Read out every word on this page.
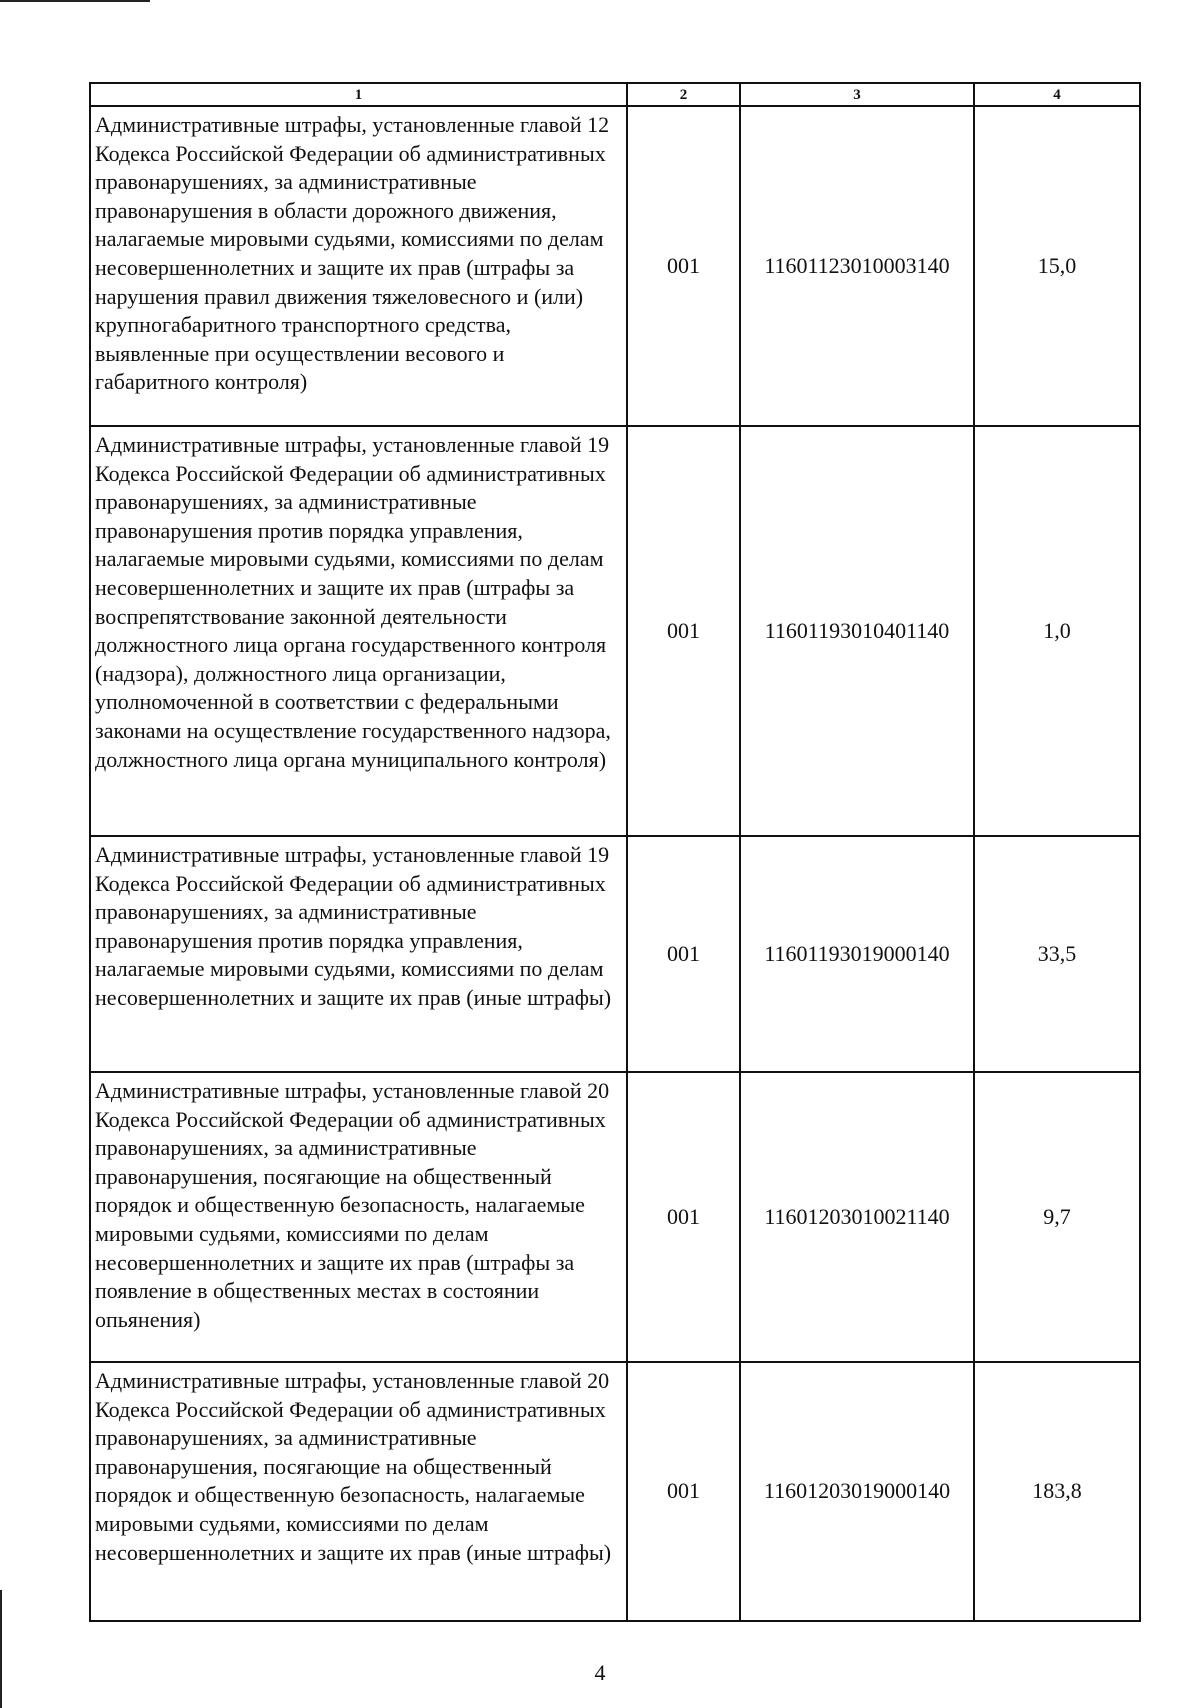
1	2	3	4
Административные штрафы, установленные главой 12 Кодекса Российской Федерации об административных правонарушениях, за административные правонарушения в области дорожного движения, налагаемые мировыми судьями, комиссиями по делам несовершеннолетних и защите их прав (штрафы за нарушения правил движения тяжеловесного и (или) крупногабаритного транспортного средства, выявленные при осуществлении весового и габаритного контроля)	001	11601123010003140	15,0
Административные штрафы, установленные главой 19 Кодекса Российской Федерации об административных правонарушениях, за административные правонарушения против порядка управления, налагаемые мировыми судьями, комиссиями по делам несовершеннолетних и защите их прав (штрафы за воспрепятствование законной деятельности должностного лица органа государственного контроля (надзора), должностного лица организации, уполномоченной в соответствии с федеральными законами на осуществление государственного надзора, должностного лица органа муниципального контроля)	001	11601193010401140	1,0
Административные штрафы, установленные главой 19 Кодекса Российской Федерации об административных правонарушениях, за административные правонарушения против порядка управления, налагаемые мировыми судьями, комиссиями по делам несовершеннолетних и защите их прав (иные штрафы)	001	11601193019000140	33,5
Административные штрафы, установленные главой 20 Кодекса Российской Федерации об административных правонарушениях, за административные правонарушения, посягающие на общественный порядок и общественную безопасность, налагаемые мировыми судьями, комиссиями по делам несовершеннолетних и защите их прав (штрафы за появление в общественных местах в состоянии опьянения)	001	11601203010021140	9,7
Административные штрафы, установленные главой 20 Кодекса Российской Федерации об административных правонарушениях, за административные правонарушения, посягающие на общественный порядок и общественную безопасность, налагаемые мировыми судьями, комиссиями по делам несовершеннолетних и защите их прав (иные штрафы)	001	11601203019000140	183,8
4
